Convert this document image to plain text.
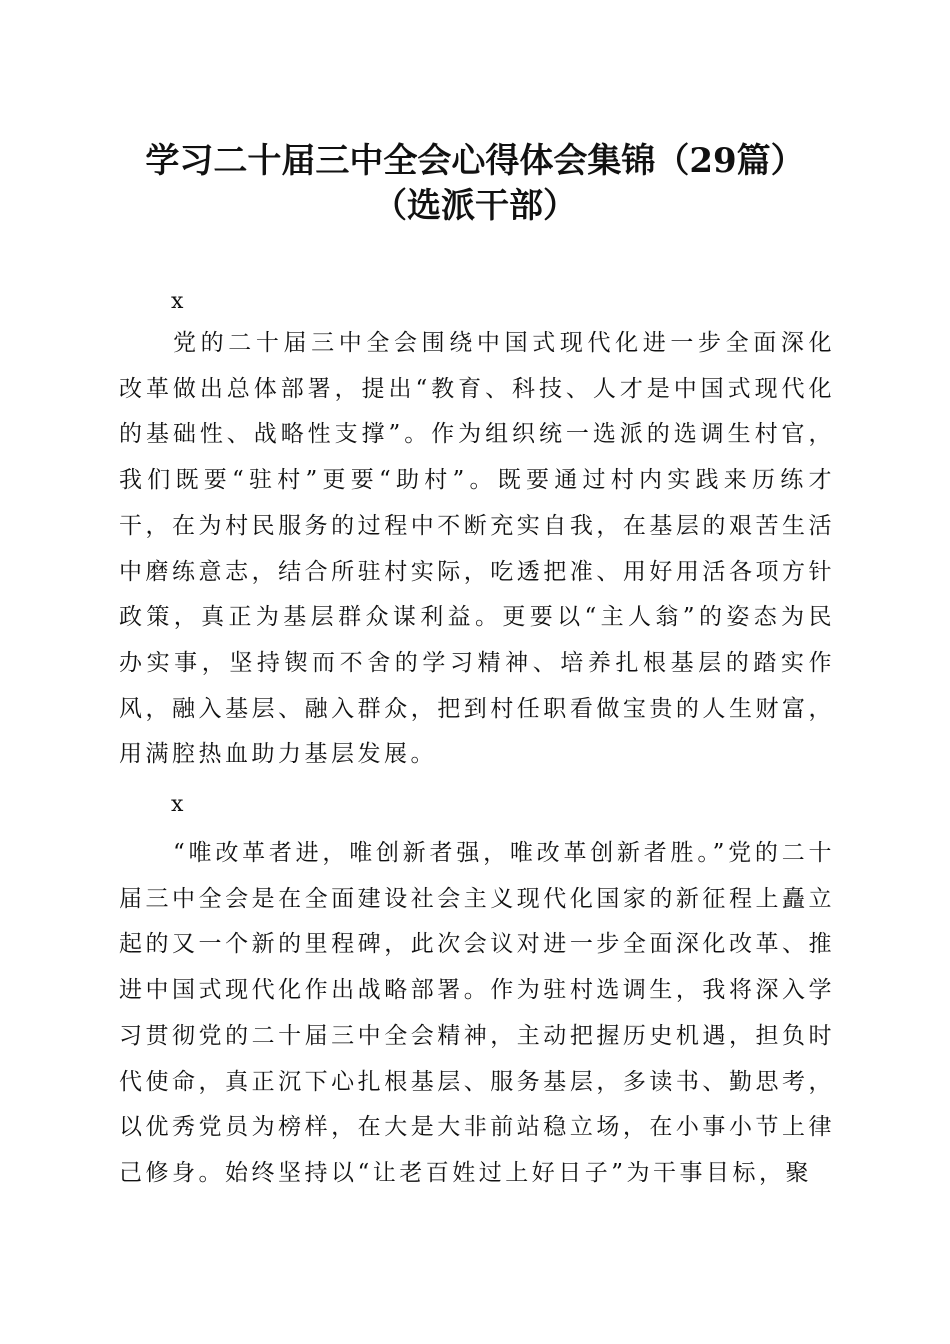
学习二十届三中全会心得体会集锦（29篇）
（选派干部）

x

党的二十届三中全会围绕中国式现代化进一步全面深化改革做出总体部署，提出“教育、科技、人才是中国式现代化的基础性、战略性支撑”。作为组织统一选派的选调生村官，我们既要“驻村”更要“助村”。既要通过村内实践来历练才干，在为村民服务的过程中不断充实自我，在基层的艰苦生活中磨练意志，结合所驻村实际，吃透把准、用好用活各项方针政策，真正为基层群众谋利益。更要以“主人翁”的姿态为民办实事，坚持锲而不舍的学习精神、培养扎根基层的踏实作风，融入基层、融入群众，把到村任职看做宝贵的人生财富，用满腔热血助力基层发展。

x

“唯改革者进，唯创新者强，唯改革创新者胜。”党的二十届三中全会是在全面建设社会主义现代化国家的新征程上矗立起的又一个新的里程碑，此次会议对进一步全面深化改革、推进中国式现代化作出战略部署。作为驻村选调生，我将深入学习贯彻党的二十届三中全会精神，主动把握历史机遇，担负时代使命，真正沉下心扎根基层、服务基层，多读书、勤思考，以优秀党员为榜样，在大是大非前站稳立场，在小事小节上律己修身。始终坚持以“让老百姓过上好日子”为干事目标，聚
